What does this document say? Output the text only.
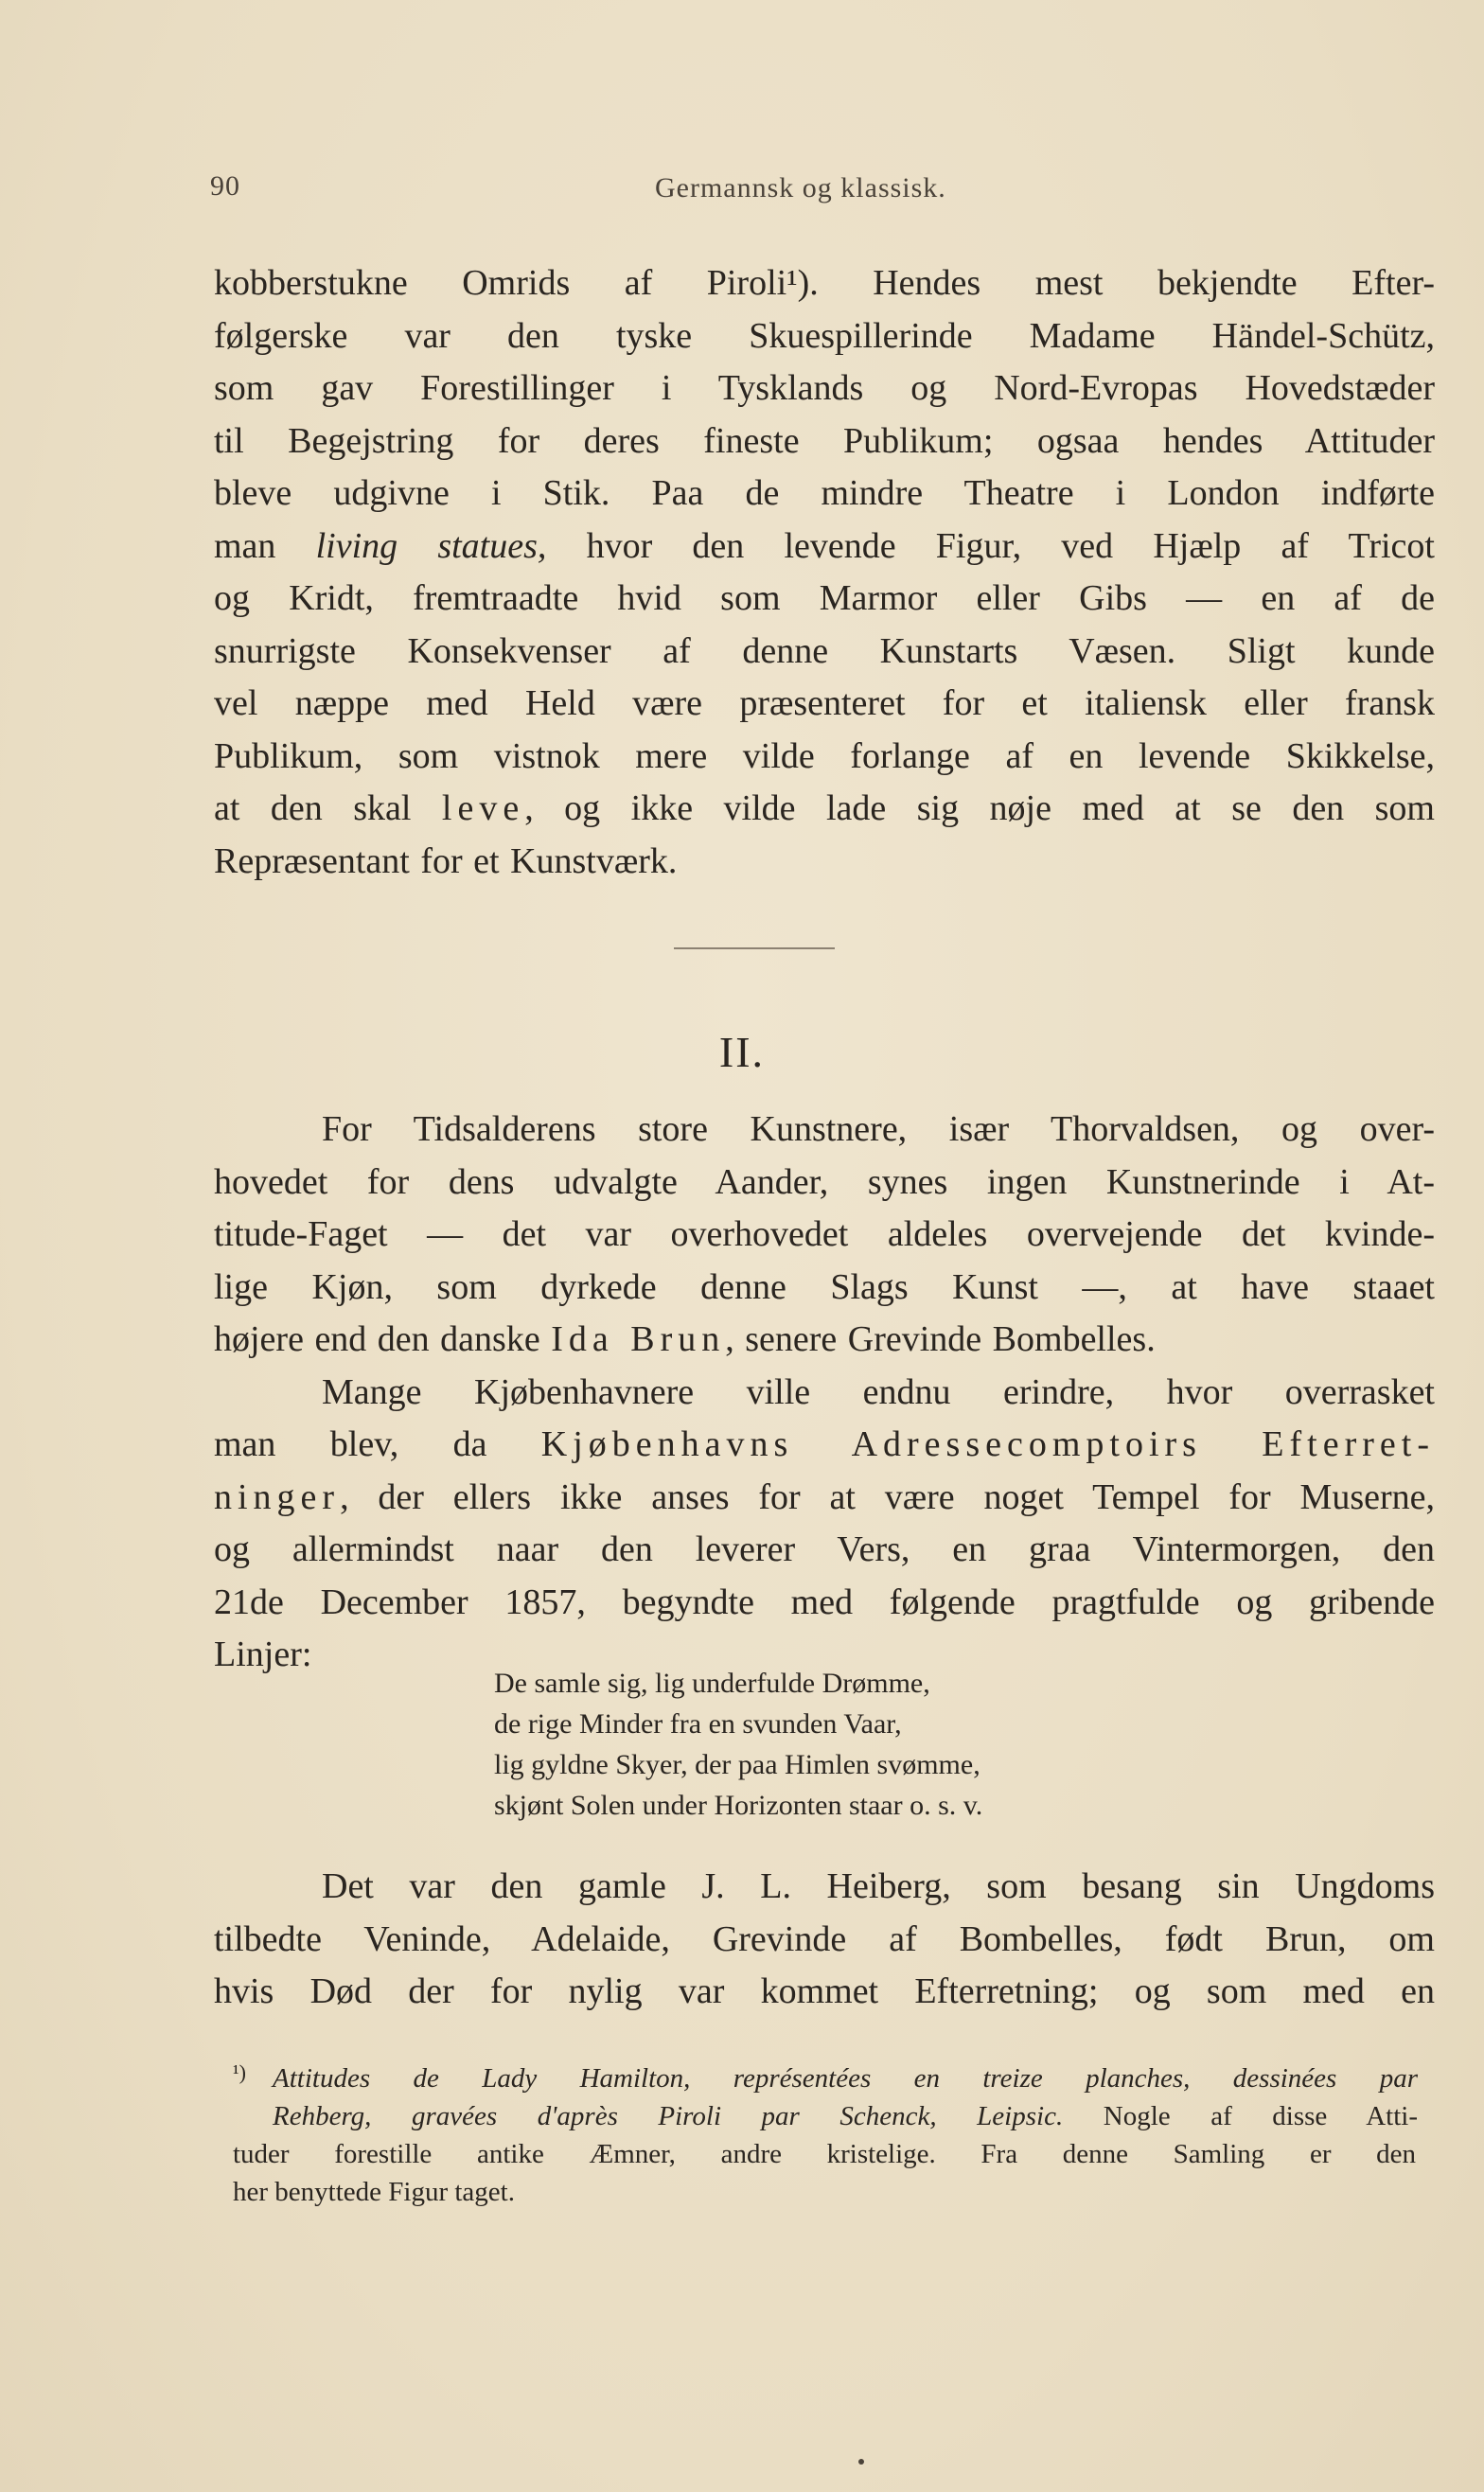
90	Germannsk og klassisk.
kobberstukne Omrids af Piroli¹). Hendes mest bekjendte Efter-
følgerske var den tyske Skuespillerinde Madame Händel-Schütz,
som gav Forestillinger i Tysklands og Nord-Evropas Hovedstæder
til Begejstring for deres fineste Publikum; ogsaa hendes Attituder
bleve udgivne i Stik. Paa de mindre Theatre i London indførte
man living statues, hvor den levende Figur, ved Hjælp af Tricot
og Kridt, fremtraadte hvid som Marmor eller Gibs — en af de
snurrigste Konsekvenser af denne Kunstarts Væsen. Sligt kunde
vel næppe med Held være præsenteret for et italiensk eller fransk
Publikum, som vistnok mere vilde forlange af en levende Skikkelse,
at den skal leve, og ikke vilde lade sig nøje med at se den som
Repræsentant for et Kunstværk.
II.
For Tidsalderens store Kunstnere, især Thorvaldsen, og over-
hovedet for dens udvalgte Aander, synes ingen Kunstnerinde i At-
titude-Faget — det var overhovedet aldeles overvejende det kvinde-
lige Kjøn, som dyrkede denne Slags Kunst —, at have staaet
højere end den danske Ida Brun, senere Grevinde Bombelles.
Mange Kjøbenhavnere ville endnu erindre, hvor overrasket
man blev, da Kjøbenhavns Adressecomptoirs Efterret-
ninger, der ellers ikke anses for at være noget Tempel for Muserne,
og allermindst naar den leverer Vers, en graa Vintermorgen, den
21de December 1857, begyndte med følgende pragtfulde og gribende
Linjer:
De samle sig, lig underfulde Drømme,
de rige Minder fra en svunden Vaar,
lig gyldne Skyer, der paa Himlen svømme,
skjønt Solen under Horizonten staar o. s. v.
Det var den gamle J. L. Heiberg, som besang sin Ungdoms
tilbedte Veninde, Adelaide, Grevinde af Bombelles, født Brun, om
hvis Død der for nylig var kommet Efterretning; og som med en
¹) Attitudes de Lady Hamilton, représentées en treize planches, dessinées par
Rehberg, gravées d'après Piroli par Schenck, Leipsic. Nogle af disse Atti-
tuder forestille antike Æmner, andre kristelige. Fra denne Samling er den
her benyttede Figur taget.
